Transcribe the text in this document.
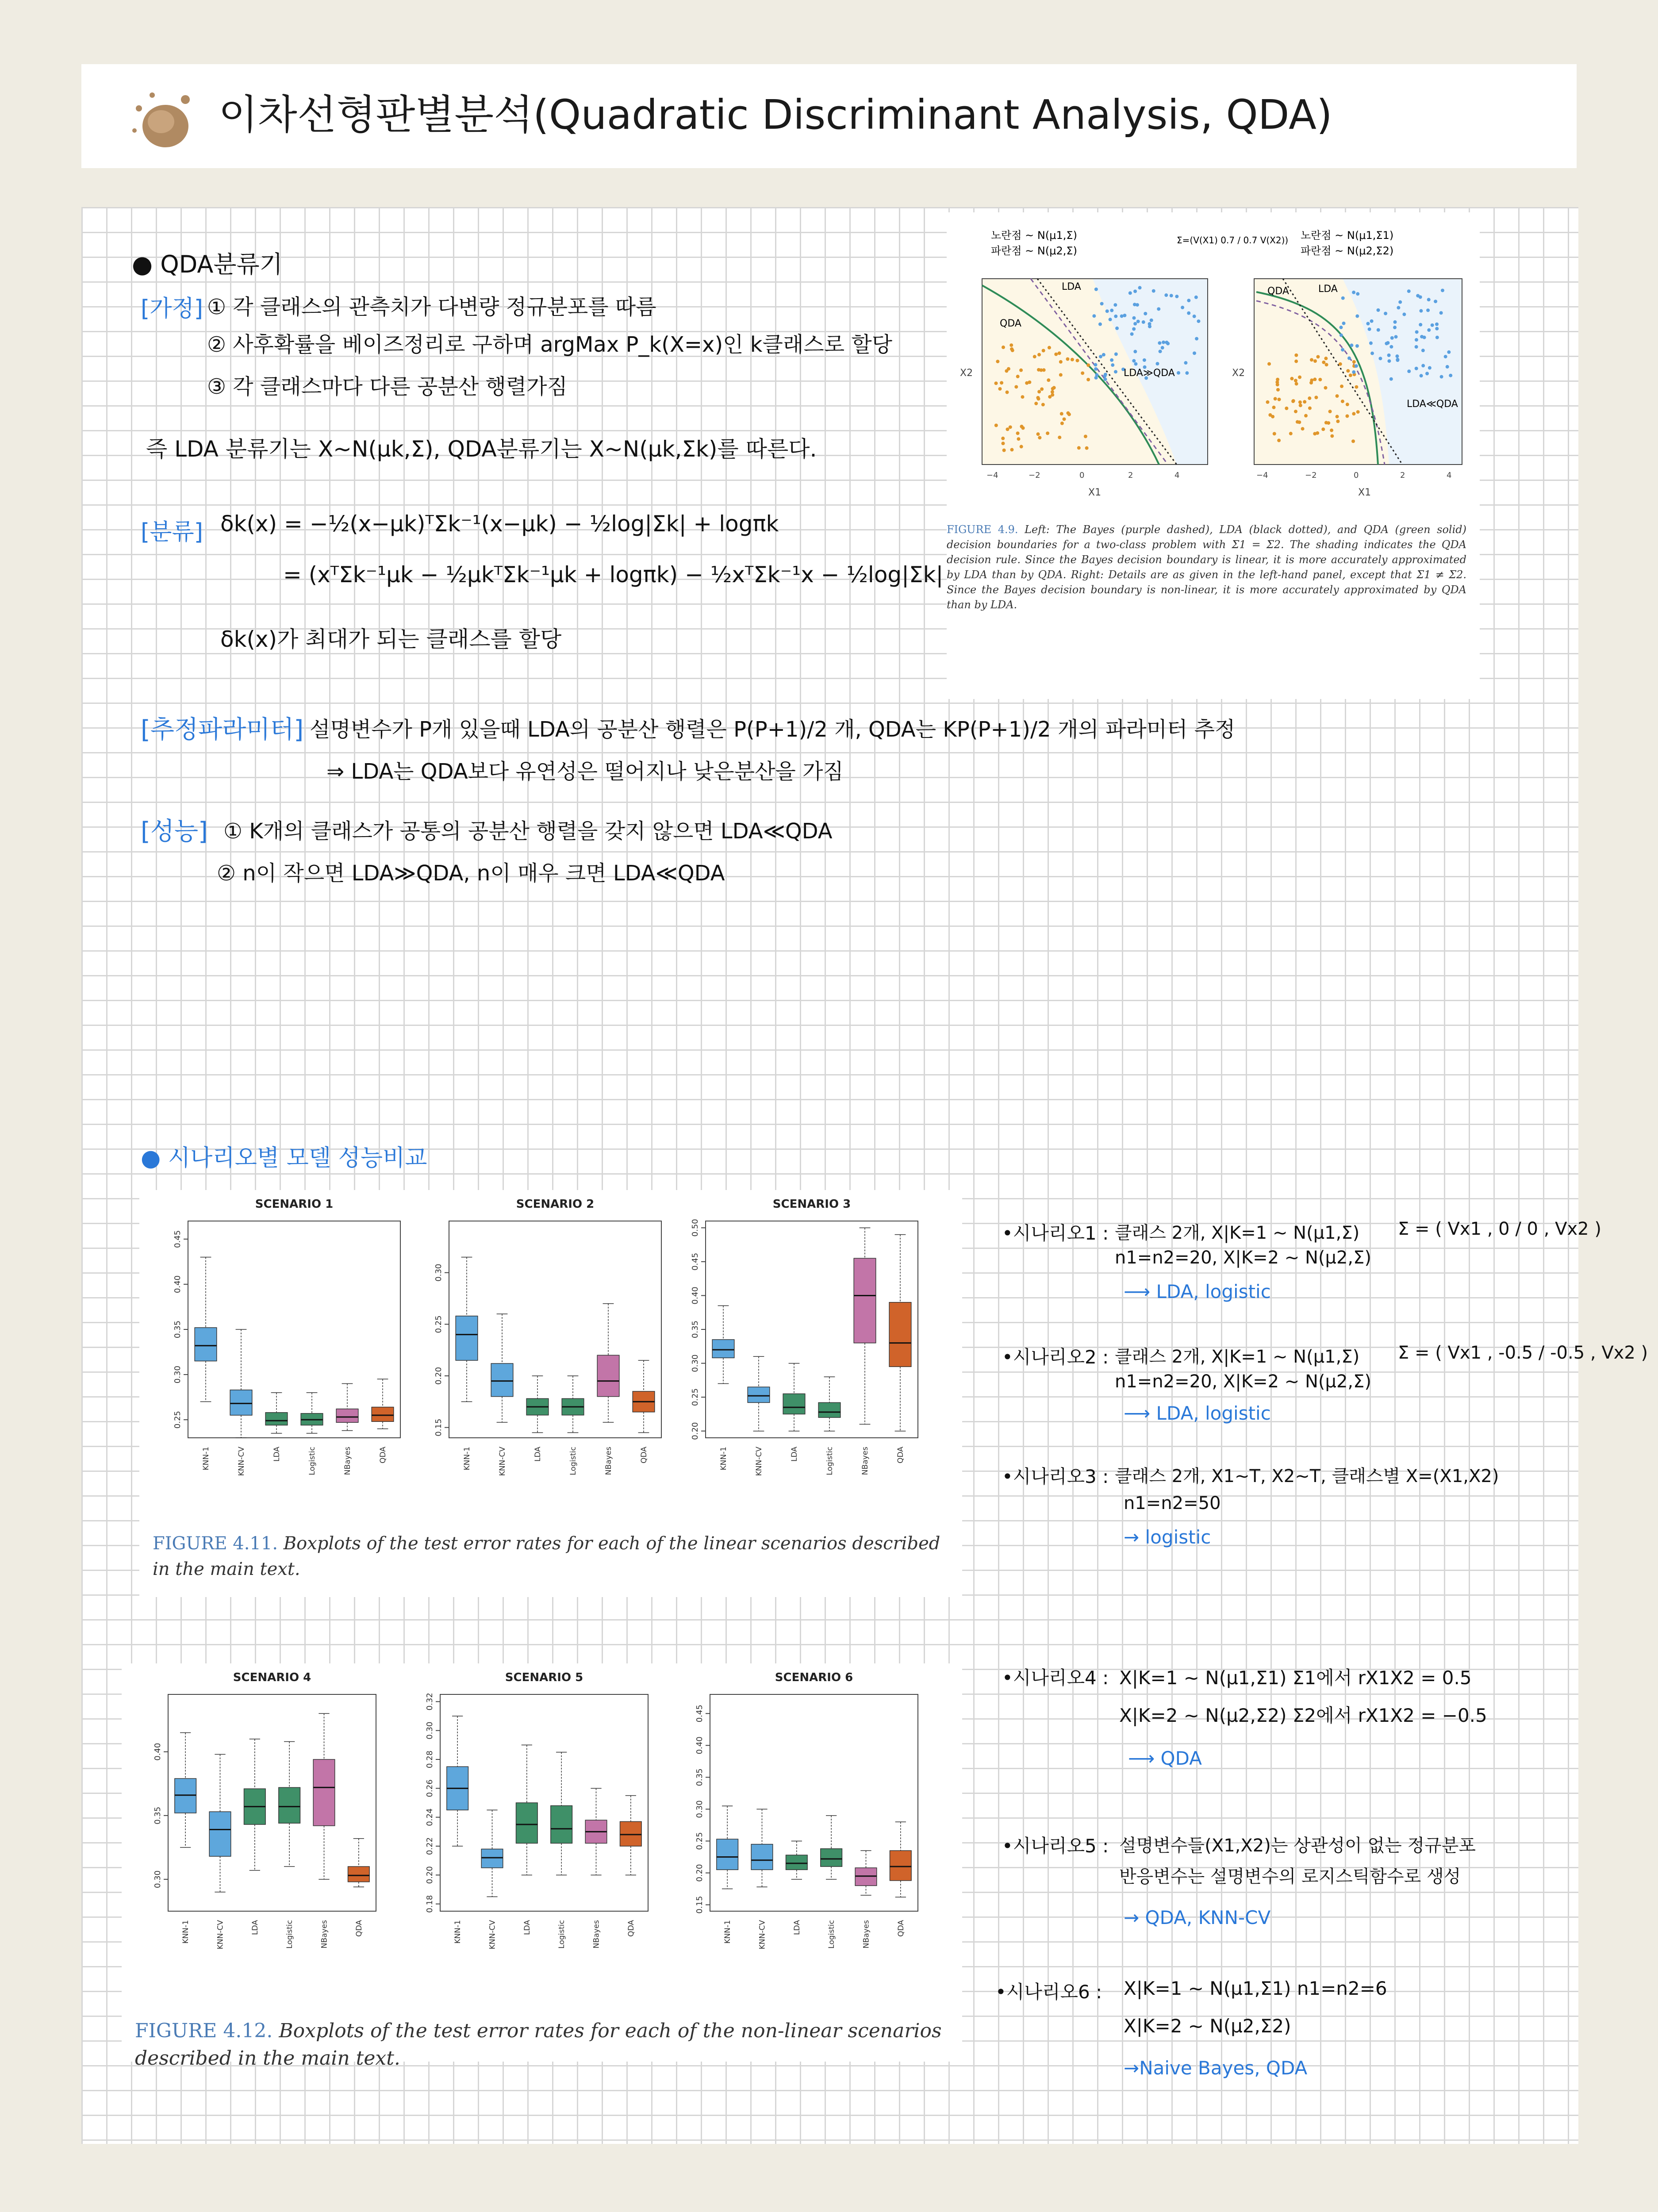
이차선형판별분석(Quadratic Discriminant Analysis, QDA)
● QDA분류기
[가정] ① 각 클래스의 관측치가 다변량 정규분포를 따름
② 사후확률을 베이즈정리로 구하며 argMax P_k(X=x)인 k클래스로 할당
③ 각 클래스마다 다른 공분산 행렬가짐
즉 LDA 분류기는 X~N(μk,Σ), QDA분류기는 X~N(μk,Σk)를 따른다.
[분류] δk(x) = −½(x−μk)ᵀΣk⁻¹(x−μk) − ½log|Σk| + logπk
= (xᵀΣk⁻¹μk − ½μkᵀΣk⁻¹μk + logπk) − ½xᵀΣk⁻¹x − ½log|Σk|
δk(x)가 최대가 되는 클래스를 할당
[추정파라미터] 설명변수가 P개 있을때 LDA의 공분산 행렬은 P(P+1)/2 개, QDA는 KP(P+1)/2 개의 파라미터 추정
⇒ LDA는 QDA보다 유연성은 떨어지나 낮은분산을 가짐
[성능] ① K개의 클래스가 공통의 공분산 행렬을 갖지 않으면 LDA≪QDA
② n이 작으면 LDA≫QDA, n이 매우 크면 LDA≪QDA
노란점 ~ N(μ1,Σ)
파란점 ~ N(μ2,Σ)
Σ=(V(X1) 0.7 / 0.7 V(X2)) 노란점 ~ N(μ1,Σ1)
파란점 ~ N(μ2,Σ2)
LDA
QDA
LDA≫QDA
LDA
QDA
LDA≪QDA
−4	−2	0	2	4	−4	−2	0	2	4
X1	X1
X2	X2
FIGURE 4.9. Left: The Bayes (purple dashed), LDA (black dotted), and QDA (green solid) decision boundaries for a two-class problem with Σ1 = Σ2. The shading indicates the QDA decision rule. Since the Bayes decision boundary is linear, it is more accurately approximated by LDA than by QDA. Right: Details are as given in the left-hand panel, except that Σ1 ≠ Σ2. Since the Bayes decision boundary is non-linear, it is more accurately approximated by QDA than by LDA.
● 시나리오별 모델 성능비교
SCENARIO 1
0.25
0.30
0.35
0.40
0.45
KNN-1	KNN-CV	LDA	Logistic	NBayes	QDA
SCENARIO 2
0.15
0.20
0.25
0.30
KNN-1	KNN-CV	LDA	Logistic	NBayes	QDA
SCENARIO 3
0.20
0.25
0.30
0.35
0.40
0.45
0.50
KNN-1	KNN-CV	LDA	Logistic	NBayes	QDA
FIGURE 4.11. Boxplots of the test error rates for each of the linear scenarios described in the main text.
SCENARIO 4
0.30
0.35
0.40
KNN-1	KNN-CV	LDA	Logistic	NBayes	QDA
SCENARIO 5
0.18
0.20
0.22
0.24
0.26
0.28
0.30
0.32
KNN-1	KNN-CV	LDA	Logistic	NBayes	QDA
SCENARIO 6
0.15
0.20
0.25
0.30
0.35
0.40
0.45
KNN-1	KNN-CV	LDA	Logistic	NBayes	QDA
FIGURE 4.12. Boxplots of the test error rates for each of the non-linear scenarios described in the main text.
•시나리오1 : 클래스 2개, X|K=1 ~ N(μ1,Σ)
n1=n2=20, X|K=2 ~ N(μ2,Σ)
Σ = ( Vx1 , 0 / 0 , Vx2 )
⟶ LDA, logistic
•시나리오2 : 클래스 2개, X|K=1 ~ N(μ1,Σ)
n1=n2=20, X|K=2 ~ N(μ2,Σ)
Σ = ( Vx1 , -0.5 / -0.5 , Vx2 )
⟶ LDA, logistic
•시나리오3 : 클래스 2개, X1~T, X2~T, 클래스별 X=(X1,X2)
n1=n2=50
→ logistic
•시나리오4 : X|K=1 ~ N(μ1,Σ1) Σ1에서 rX1X2 = 0.5
X|K=2 ~ N(μ2,Σ2) Σ2에서 rX1X2 = −0.5
⟶ QDA
•시나리오5 : 설명변수들(X1,X2)는 상관성이 없는 정규분포
반응변수는 설명변수의 로지스틱함수로 생성
→ QDA, KNN-CV
•시나리오6 : X|K=1 ~ N(μ1,Σ1) n1=n2=6
X|K=2 ~ N(μ2,Σ2)
→Naive Bayes, QDA
